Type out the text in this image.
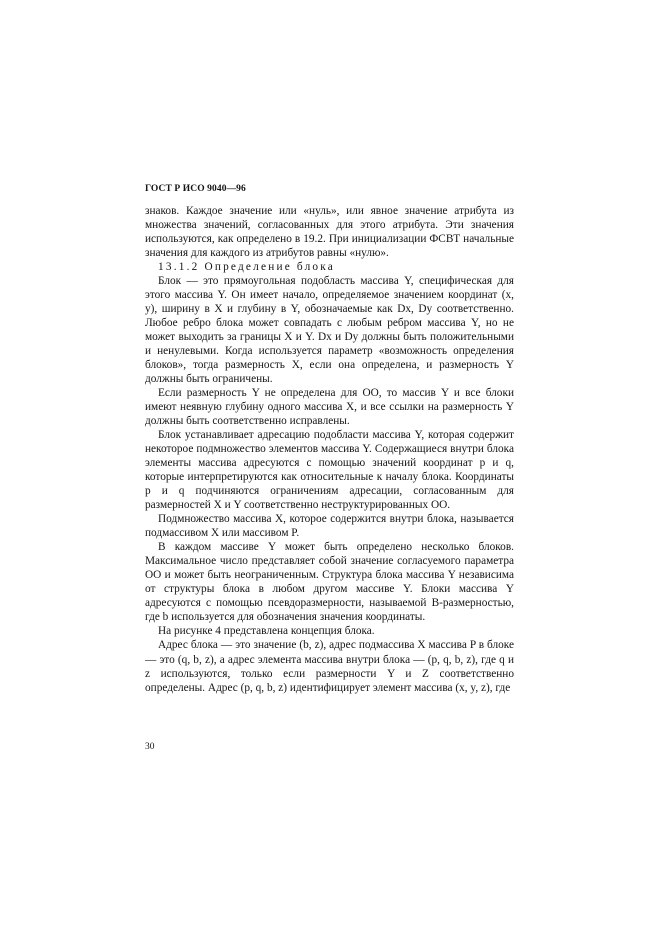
ГОСТ Р ИСО 9040—96

знаков. Каждое значение или «нуль», или явное значение атрибута из множества значений, согласованных для этого атрибута. Эти значения используются, как определено в 19.2. При инициализации ФСВТ начальные значения для каждого из атрибутов равны «нулю».

13.1.2 Определение блока

Блок — это прямоугольная подобласть массива Y, специфическая для этого массива Y. Он имеет начало, определяемое значением координат (x, y), ширину в X и глубину в Y, обозначаемые как Dx, Dy соответственно. Любое ребро блока может совпадать с любым ребром массива Y, но не может выходить за границы X и Y. Dx и Dy должны быть положительными и ненулевыми. Когда используется параметр «возможность определения блоков», тогда размерность X, если она определена, и размерность Y должны быть ограничены.

Если размерность Y не определена для ОО, то массив Y и все блоки имеют неявную глубину одного массива X, и все ссылки на размерность Y должны быть соответственно исправлены.

Блок устанавливает адресацию подобласти массива Y, которая содержит некоторое подмножество элементов массива Y. Содержащиеся внутри блока элементы массива адресуются с помощью значений координат p и q, которые интерпретируются как относительные к началу блока. Координаты p и q подчиняются ограничениям адресации, согласованным для размерностей X и Y соответственно неструктурированных ОО.

Подмножество массива X, которое содержится внутри блока, называется подмассивом X или массивом P.

В каждом массиве Y может быть определено несколько блоков. Максимальное число представляет собой значение согласуемого параметра ОО и может быть неограниченным. Структура блока массива Y независима от структуры блока в любом другом массиве Y. Блоки массива Y адресуются с помощью псевдоразмерности, называемой B-размерностью, где b используется для обозначения значения координаты.

На рисунке 4 представлена концепция блока.

Адрес блока — это значение (b, z), адрес подмассива X массива P в блоке — это (q, b, z), а адрес элемента массива внутри блока — (p, q, b, z), где q и z используются, только если размерности Y и Z соответственно определены. Адрес (p, q, b, z) идентифицирует элемент массива (x, y, z), где

30
